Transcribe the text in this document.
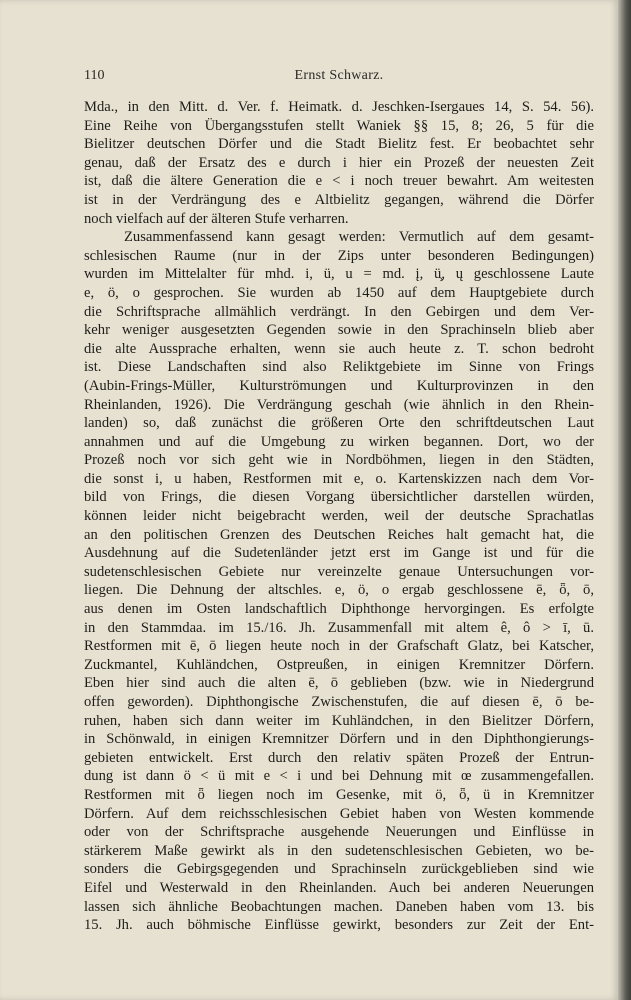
110	Ernst Schwarz.
Mda., in den Mitt. d. Ver. f. Heimatk. d. Jeschken-Isergaues 14, S. 54. 56).
Eine Reihe von Übergangsstufen stellt Waniek §§ 15, 8; 26, 5 für die
Bielitzer deutschen Dörfer und die Stadt Bielitz fest. Er beobachtet sehr
genau, daß der Ersatz des e durch i hier ein Prozeß der neuesten Zeit
ist, daß die ältere Generation die e < i noch treuer bewahrt. Am weitesten
ist in der Verdrängung des e Altbielitz gegangen, während die Dörfer
noch vielfach auf der älteren Stufe verharren.
Zusammenfassend kann gesagt werden: Vermutlich auf dem gesamt-
schlesischen Raume (nur in der Zips unter besonderen Bedingungen)
wurden im Mittelalter für mhd. i, ü, u = md. į, ü̧, ų geschlossene Laute
e, ö, o gesprochen. Sie wurden ab 1450 auf dem Hauptgebiete durch
die Schriftsprache allmählich verdrängt. In den Gebirgen und dem Ver-
kehr weniger ausgesetzten Gegenden sowie in den Sprachinseln blieb aber
die alte Aussprache erhalten, wenn sie auch heute z. T. schon bedroht
ist. Diese Landschaften sind also Reliktgebiete im Sinne von Frings
(Aubin-Frings-Müller, Kulturströmungen und Kulturprovinzen in den
Rheinlanden, 1926). Die Verdrängung geschah (wie ähnlich in den Rhein-
landen) so, daß zunächst die größeren Orte den schriftdeutschen Laut
annahmen und auf die Umgebung zu wirken begannen. Dort, wo der
Prozeß noch vor sich geht wie in Nordböhmen, liegen in den Städten,
die sonst i, u haben, Restformen mit e, o. Kartenskizzen nach dem Vor-
bild von Frings, die diesen Vorgang übersichtlicher darstellen würden,
können leider nicht beigebracht werden, weil der deutsche Sprachatlas
an den politischen Grenzen des Deutschen Reiches halt gemacht hat, die
Ausdehnung auf die Sudetenländer jetzt erst im Gange ist und für die
sudetenschlesischen Gebiete nur vereinzelte genaue Untersuchungen vor-
liegen. Die Dehnung der altschles. e, ö, o ergab geschlossene ē, ȫ, ō,
aus denen im Osten landschaftlich Diphthonge hervorgingen. Es erfolgte
in den Stammdaa. im 15./16. Jh. Zusammenfall mit altem ê, ô > ī, ū.
Restformen mit ē, ō liegen heute noch in der Grafschaft Glatz, bei Katscher,
Zuckmantel, Kuhländchen, Ostpreußen, in einigen Kremnitzer Dörfern.
Eben hier sind auch die alten ē, ō geblieben (bzw. wie in Niedergrund
offen geworden). Diphthongische Zwischenstufen, die auf diesen ē, ō be-
ruhen, haben sich dann weiter im Kuhländchen, in den Bielitzer Dörfern,
in Schönwald, in einigen Kremnitzer Dörfern und in den Diphthongierungs-
gebieten entwickelt. Erst durch den relativ späten Prozeß der Entrun-
dung ist dann ö < ü mit e < i und bei Dehnung mit œ zusammengefallen.
Restformen mit ȫ liegen noch im Gesenke, mit ö, ȫ, ü in Kremnitzer
Dörfern. Auf dem reichsschlesischen Gebiet haben von Westen kommende
oder von der Schriftsprache ausgehende Neuerungen und Einflüsse in
stärkerem Maße gewirkt als in den sudetenschlesischen Gebieten, wo be-
sonders die Gebirgsgegenden und Sprachinseln zurückgeblieben sind wie
Eifel und Westerwald in den Rheinlanden. Auch bei anderen Neuerungen
lassen sich ähnliche Beobachtungen machen. Daneben haben vom 13. bis
15. Jh. auch böhmische Einflüsse gewirkt, besonders zur Zeit der Ent-
